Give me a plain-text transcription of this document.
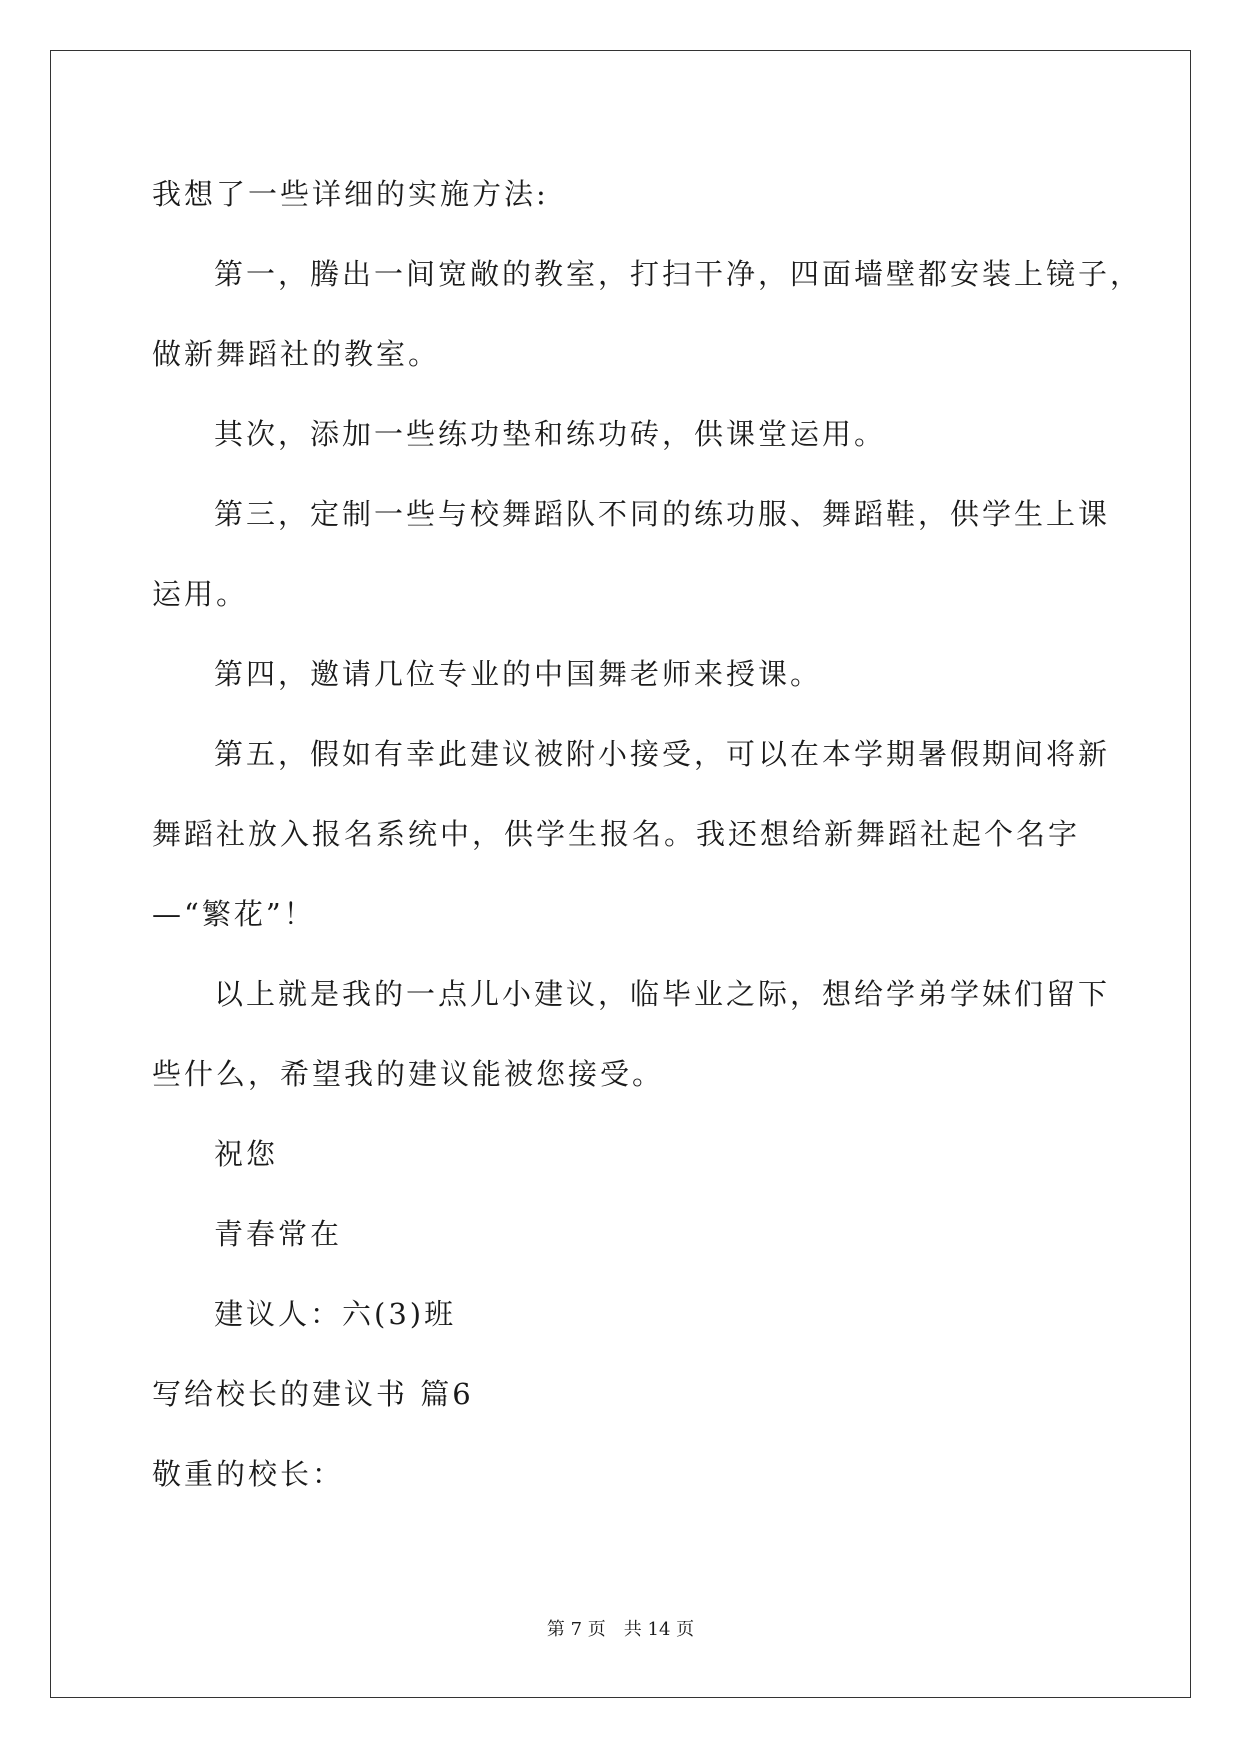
我想了一些详细的实施方法:
第一，腾出一间宽敞的教室，打扫干净，四面墙壁都安装上镜子，
做新舞蹈社的教室。
其次，添加一些练功垫和练功砖，供课堂运用。
第三，定制一些与校舞蹈队不同的练功服、舞蹈鞋，供学生上课
运用。
第四，邀请几位专业的中国舞老师来授课。
第五，假如有幸此建议被附小接受，可以在本学期暑假期间将新
舞蹈社放入报名系统中，供学生报名。我还想给新舞蹈社起个名字
—“繁花”！
以上就是我的一点儿小建议，临毕业之际，想给学弟学妹们留下
些什么，希望我的建议能被您接受。
祝您
青春常在
建议人：六(3)班
写给校长的建议书 篇6
敬重的校长：
第 7 页　共 14 页
